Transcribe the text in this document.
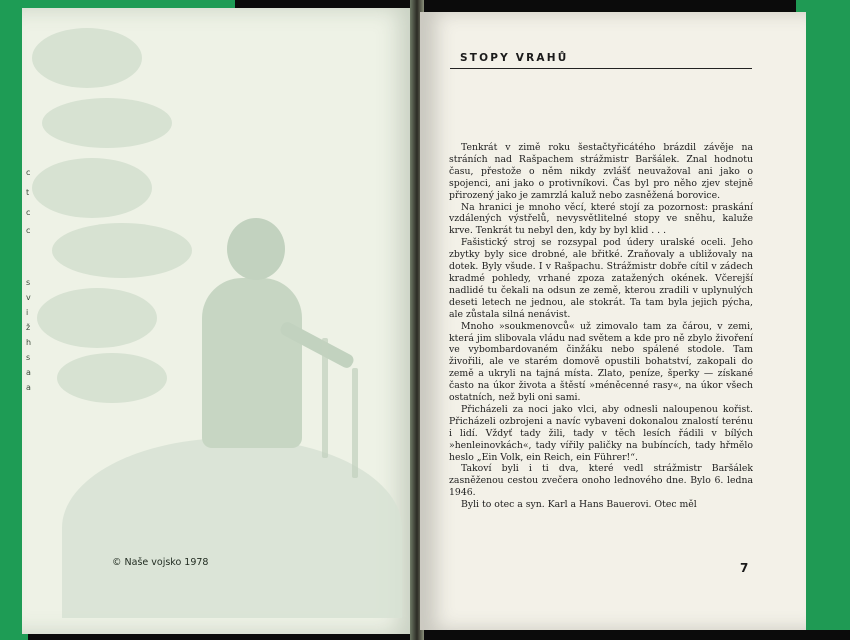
c
t
c
c
s
v
i
ž
h
s
a
a
© Naše vojsko 1978
STOPY VRAHŮ

Tenkrát v zimě roku šestačtyřicátého brázdil závěje na stráních nad Rašpachem strážmistr Baršálek. Znal hodnotu času, přestože o něm nikdy zvlášť neuvažoval ani jako o spojenci, ani jako o protivníkovi. Čas byl pro něho zjev stejně přirozený jako je zamrzlá kaluž nebo zasněžená borovice.

Na hranici je mnoho věcí, které stojí za pozornost: praskání vzdálených výstřelů, nevysvětlitelné stopy ve sněhu, kaluže krve. Tenkrát tu nebyl den, kdy by byl klid . . .

Fašistický stroj se rozsypal pod údery uralské oceli. Jeho zbytky byly sice drobné, ale břitké. Zraňovaly a ubližovaly na dotek. Byly všude. I v Rašpachu. Strážmistr dobře cítil v zádech kradmé pohledy, vrhané zpoza zatažených okének. Včerejší nadlidé tu čekali na odsun ze země, kterou zradili v uplynulých deseti letech ne jednou, ale stokrát. Ta tam byla jejich pýcha, ale zůstala silná nenávist.

Mnoho »soukmenovců« už zimovalo tam za čárou, v zemi, která jim slibovala vládu nad světem a kde pro ně zbylo živoření ve vybombardovaném činžáku nebo spálené stodole. Tam živořili, ale ve starém domově opustili bohatství, zakopali do země a ukryli na tajná místa. Zlato, peníze, šperky — získané často na úkor života a štěstí »méněcenné rasy«, na úkor všech ostatních, než byli oni sami.

Přicházeli za noci jako vlci, aby odnesli naloupenou kořist. Přicházeli ozbrojeni a navíc vybaveni dokonalou znalostí terénu i lidí. Vždyť tady žili, tady v těch lesích řádili v bílých »henleinovkách«, tady vířily paličky na bubíncích, tady hřmělo heslo „Ein Volk, ein Reich, ein Führer!“.

Takoví byli i ti dva, které vedl strážmistr Baršálek zasněženou cestou zvečera onoho lednového dne. Bylo 6. ledna 1946.

Byli to otec a syn. Karl a Hans Bauerovi. Otec měl

7
